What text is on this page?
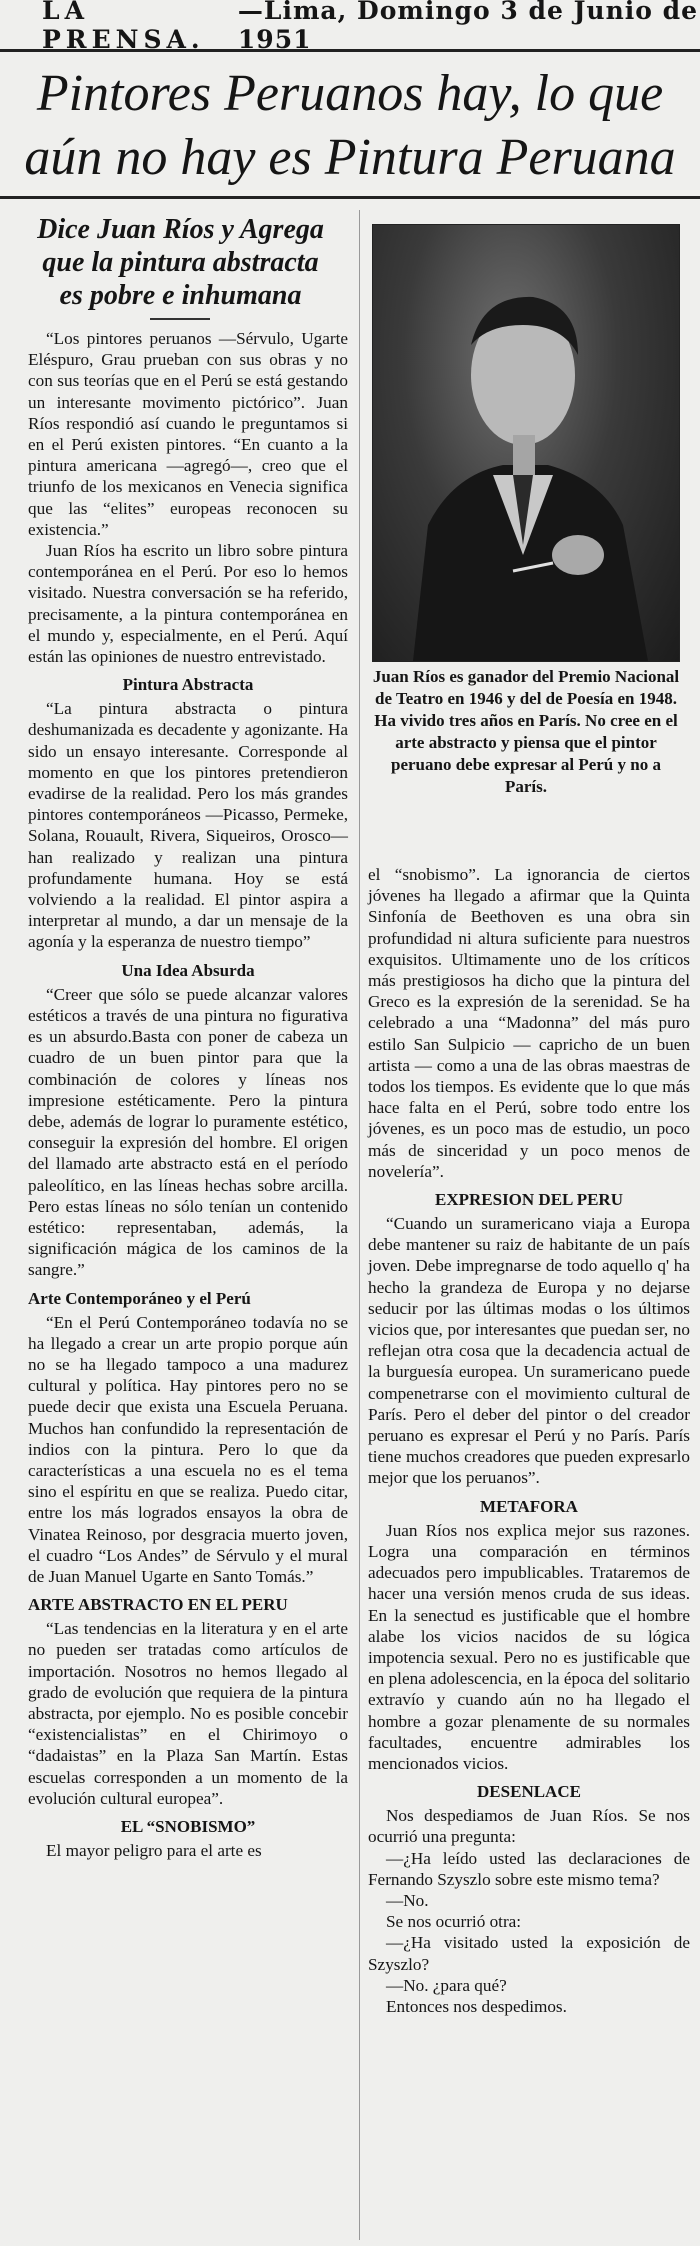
LA PRENSA.
—Lima, Domingo 3 de Junio de 1951
Pintores Peruanos hay, lo que
aún no hay es Pintura Peruana
Dice Juan Ríos y Agrega
que la pintura abstracta
es pobre e inhumana
Juan Ríos es ganador del Premio Nacional de Teatro en 1946 y del de Poesía en 1948. Ha vivido tres años en París. No cree en el arte abstracto y piensa que el pintor peruano debe expresar al Perú y no a París.

“Los pintores peruanos —Sérvulo, Ugarte Eléspuro, Grau prueban con sus obras y no con sus teorías que en el Perú se está gestando un interesante movimento pictórico”. Juan Ríos respondió así cuando le preguntamos si en el Perú existen pintores. “En cuanto a la pintura americana —agregó—, creo que el triunfo de los mexicanos en Venecia significa que las “elites” europeas reconocen su existencia.”

Juan Ríos ha escrito un libro sobre pintura contemporánea en el Perú. Por eso lo hemos visitado. Nuestra conversación se ha referido, precisamente, a la pintura contemporánea en el mundo y, especialmente, en el Perú. Aquí están las opiniones de nuestro entrevistado.

Pintura Abstracta

“La pintura abstracta o pintura deshumanizada es decadente y agonizante. Ha sido un ensayo interesante. Corresponde al momento en que los pintores pretendieron evadirse de la realidad. Pero los más grandes pintores contemporáneos —Picasso, Permeke, Solana, Rouault, Rivera, Siqueiros, Orosco— han realizado y realizan una pintura profundamente humana. Hoy se está volviendo a la realidad. El pintor aspira a interpretar al mundo, a dar un mensaje de la agonía y la esperanza de nuestro tiempo”

Una Idea Absurda

“Creer que sólo se puede alcanzar valores estéticos a través de una pintura no figurativa es un absurdo.Basta con poner de cabeza un cuadro de un buen pintor para que la combinación de colores y líneas nos impresione estéticamente. Pero la pintura debe, además de lograr lo puramente estético, conseguir la expresión del hombre. El origen del llamado arte abstracto está en el período paleolítico, en las líneas hechas sobre arcilla. Pero estas líneas no sólo tenían un contenido estético: representaban, además, la significación mágica de los caminos de la sangre.”

Arte Contemporáneo y el Perú

“En el Perú Contemporáneo todavía no se ha llegado a crear un arte propio porque aún no se ha llegado tampoco a una madurez cultural y política. Hay pintores pero no se puede decir que exista una Escuela Peruana. Muchos han confundido la representación de indios con la pintura. Pero lo que da características a una escuela no es el tema sino el espíritu en que se realiza. Puedo citar, entre los más logrados ensayos la obra de Vinatea Reinoso, por desgracia muerto joven, el cuadro “Los Andes” de Sérvulo y el mural de Juan Manuel Ugarte en Santo Tomás.”

ARTE ABSTRACTO EN EL PERU

“Las tendencias en la literatura y en el arte no pueden ser tratadas como artículos de importación. Nosotros no hemos llegado al grado de evolución que requiera de la pintura abstracta, por ejemplo. No es posible concebir “existencialistas” en el Chirimoyo o “dadaistas” en la Plaza San Martín. Estas escuelas corresponden a un momento de la evolución cultural europea”.

EL “SNOBISMO”

El mayor peligro para el arte es

el “snobismo”. La ignorancia de ciertos jóvenes ha llegado a afirmar que la Quinta Sinfonía de Beethoven es una obra sin profundidad ni altura suficiente para nuestros exquisitos. Ultimamente uno de los críticos más prestigiosos ha dicho que la pintura del Greco es la expresión de la serenidad. Se ha celebrado a una “Madonna” del más puro estilo San Sulpicio — capricho de un buen artista — como a una de las obras maestras de todos los tiempos. Es evidente que lo que más hace falta en el Perú, sobre todo entre los jóvenes, es un poco mas de estudio, un poco más de sinceridad y un poco menos de novelería”.

EXPRESION DEL PERU

“Cuando un suramericano viaja a Europa debe mantener su raiz de habitante de un país joven. Debe impregnarse de todo aquello q' ha hecho la grandeza de Europa y no dejarse seducir por las últimas modas o los últimos vicios que, por interesantes que puedan ser, no reflejan otra cosa que la decadencia actual de la burguesía europea. Un suramericano puede compenetrarse con el movimiento cultural de París. Pero el deber del pintor o del creador peruano es expresar el Perú y no París. París tiene muchos creadores que pueden expresarlo mejor que los peruanos”.

METAFORA

Juan Ríos nos explica mejor sus razones. Logra una comparación en términos adecuados pero impublicables. Trataremos de hacer una versión menos cruda de sus ideas. En la senectud es justificable que el hombre alabe los vicios nacidos de su lógica impotencia sexual. Pero no es justificable que en plena adolescencia, en la época del solitario extravío y cuando aún no ha llegado el hombre a gozar plenamente de su normales facultades, encuentre admirables los mencionados vicios.

DESENLACE

Nos despediamos de Juan Ríos. Se nos ocurrió una pregunta:

—¿Ha leído usted las declaraciones de Fernando Szyszlo sobre este mismo tema?

—No.

Se nos ocurrió otra:

—¿Ha visitado usted la exposición de Szyszlo?

—No. ¿para qué?

Entonces nos despedimos.
